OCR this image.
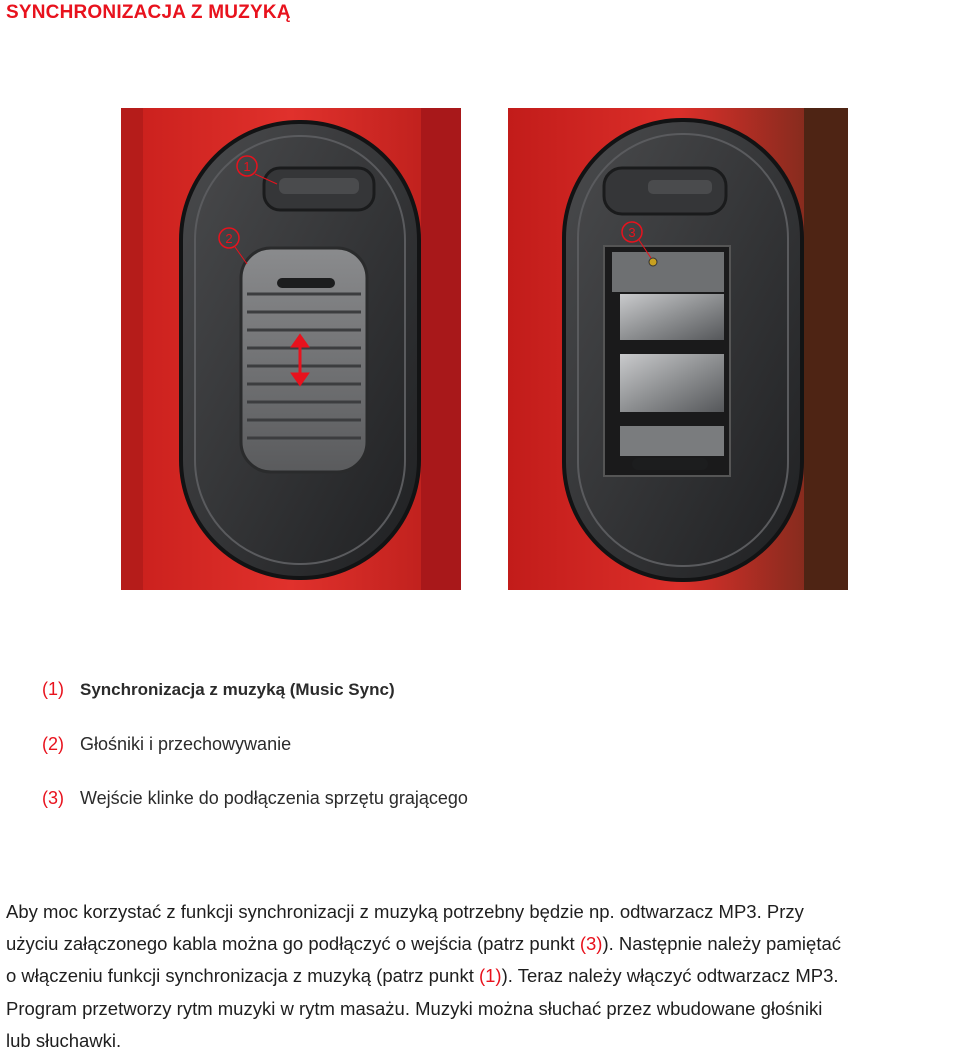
SYNCHRONIZACJA Z MUZYKĄ
1
2	3
(1) Synchronizacja z muzyką (Music Sync)
(2) Głośniki i przechowywanie
(3) Wejście klinke do podłączenia sprzętu grającego
Aby moc korzystać z funkcji synchronizacji z muzyką potrzebny będzie np. odtwarzacz MP3. Przy
użyciu załączonego kabla można go podłączyć o wejścia (patrz punkt (3)). Następnie należy pamiętać
o włączeniu funkcji synchronizacja z muzyką (patrz punkt (1)). Teraz należy włączyć odtwarzacz MP3.
Program przetworzy rytm muzyki w rytm masażu. Muzyki można słuchać przez wbudowane głośniki
lub słuchawki.
